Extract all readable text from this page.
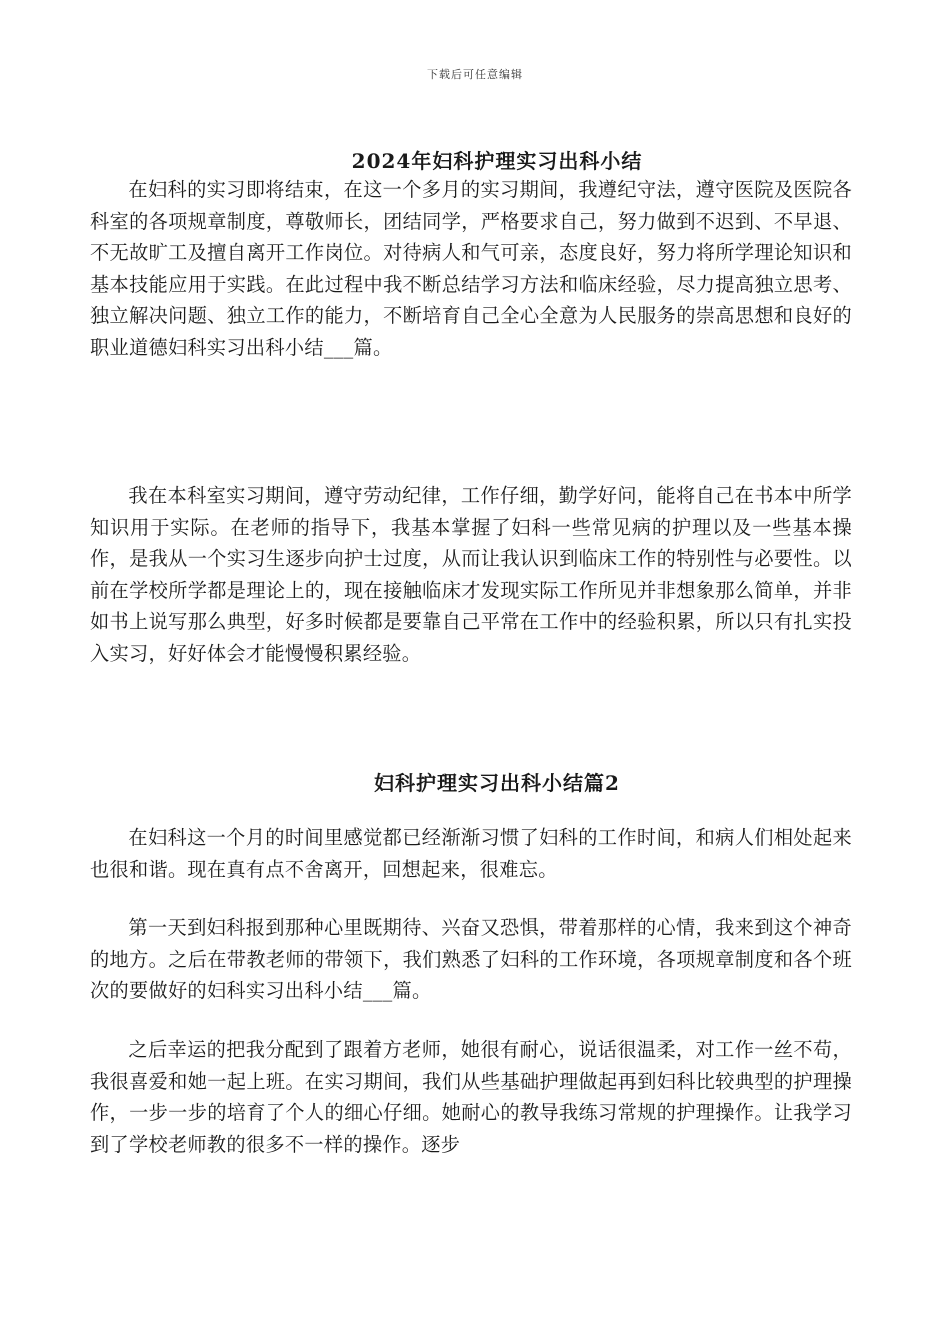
下载后可任意编辑
2024年妇科护理实习出科小结

在妇科的实习即将结束，在这一个多月的实习期间，我遵纪守法，遵守医院及医院各科室的各项规章制度，尊敬师长，团结同学，严格要求自己，努力做到不迟到、不早退、不无故旷工及擅自离开工作岗位。对待病人和气可亲，态度良好，努力将所学理论知识和基本技能应用于实践。在此过程中我不断总结学习方法和临床经验，尽力提高独立思考、独立解决问题、独立工作的能力，不断培育自己全心全意为人民服务的崇高思想和良好的职业道德妇科实习出科小结___篇。

我在本科室实习期间，遵守劳动纪律，工作仔细，勤学好问，能将自己在书本中所学知识用于实际。在老师的指导下，我基本掌握了妇科一些常见病的护理以及一些基本操作，是我从一个实习生逐步向护士过度，从而让我认识到临床工作的特别性与必要性。以前在学校所学都是理论上的，现在接触临床才发现实际工作所见并非想象那么简单，并非如书上说写那么典型，好多时候都是要靠自己平常在工作中的经验积累，所以只有扎实投入实习，好好体会才能慢慢积累经验。

妇科护理实习出科小结篇2

在妇科这一个月的时间里感觉都已经渐渐习惯了妇科的工作时间，和病人们相处起来也很和谐。现在真有点不舍离开，回想起来，很难忘。

第一天到妇科报到那种心里既期待、兴奋又恐惧，带着那样的心情，我来到这个神奇的地方。之后在带教老师的带领下，我们熟悉了妇科的工作环境，各项规章制度和各个班次的要做好的妇科实习出科小结___篇。

之后幸运的把我分配到了跟着方老师，她很有耐心，说话很温柔，对工作一丝不苟，我很喜爱和她一起上班。在实习期间，我们从些基础护理做起再到妇科比较典型的护理操作，一步一步的培育了个人的细心仔细。她耐心的教导我练习常规的护理操作。让我学习到了学校老师教的很多不一样的操作。逐步
